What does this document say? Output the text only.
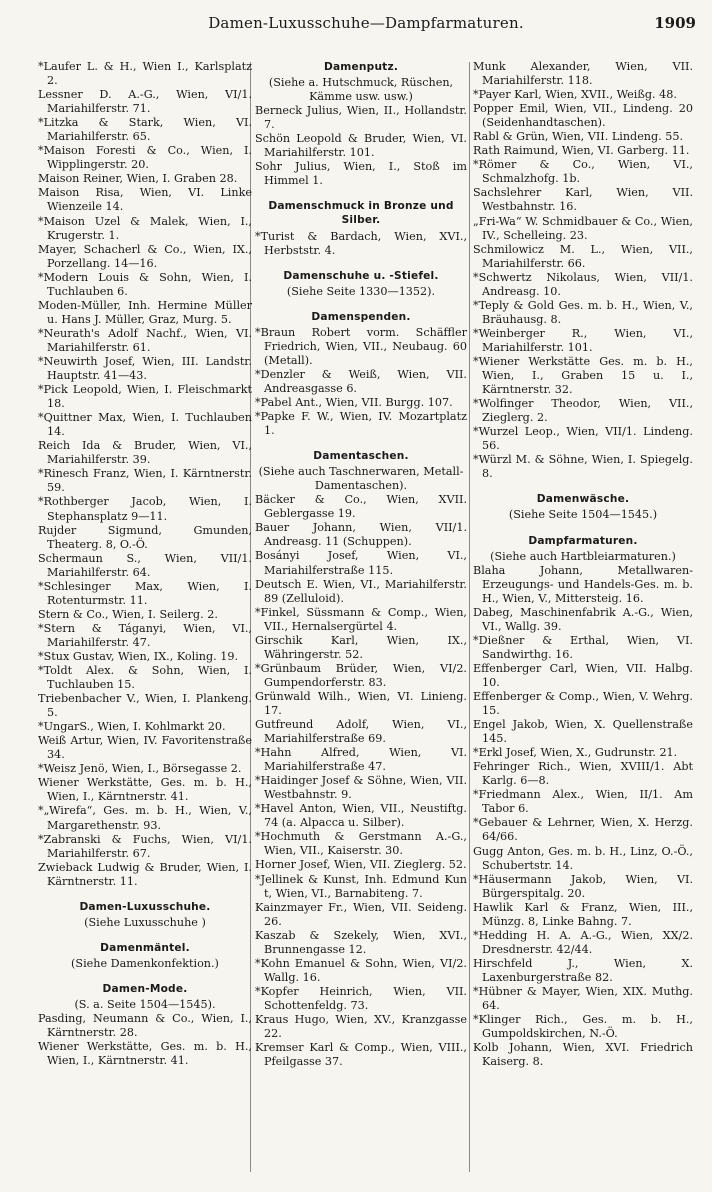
Damen-Luxusschuhe—Dampfarmaturen.	1909

*Laufer L. & H., Wien I., Karlsplatz 2.

Lessner D. A.-G., Wien, VI/1. Mariahilferstr. 71.

*Litzka & Stark, Wien, VI. Mariahilferstr. 65.

*Maison Foresti & Co., Wien, I. Wipplingerstr. 20.

Maison Reiner, Wien, I. Graben 28.

Maison Risa, Wien, VI. Linke Wienzeile 14.

*Maison Uzel & Malek, Wien, I., Krugerstr. 1.

Mayer, Schacherl & Co., Wien, IX., Porzellang. 14—16.

*Modern Louis & Sohn, Wien, I. Tuchlauben 6.

Moden-Müller, Inh. Hermine Müller u. Hans J. Müller, Graz, Murg. 5.

*Neurath's Adolf Nachf., Wien, VI. Mariahilferstr. 61.

*Neuwirth Josef, Wien, III. Landstr. Hauptstr. 41—43.

*Pick Leopold, Wien, I. Fleischmarkt 18.

*Quittner Max, Wien, I. Tuchlauben 14.

Reich Ida & Bruder, Wien, VI., Mariahilferstr. 39.

*Rinesch Franz, Wien, I. Kärntnerstr. 59.

*Rothberger Jacob, Wien, I. Stephansplatz 9—11.

Rujder Sigmund, Gmunden, Theaterg. 8, O.-Ö.

Schermaun S., Wien, VII/1. Mariahilferstr. 64.

*Schlesinger Max, Wien, I. Rotenturmstr. 11.

Stern & Co., Wien, I. Seilerg. 2.

*Stern & Táganyi, Wien, VI., Mariahilferstr. 47.

*Stux Gustav, Wien, IX., Koling. 19.

*Toldt Alex. & Sohn, Wien, I. Tuchlauben 15.

Triebenbacher V., Wien, I. Plankeng. 5.

*UngarS., Wien, I. Kohlmarkt 20.

Weiß Artur, Wien, IV. Favoritenstraße 34.

*Weisz Jenö, Wien, I., Börsegasse 2.

Wiener Werkstätte, Ges. m. b. H., Wien, I., Kärntnerstr. 41.

*„Wirefa“, Ges. m. b. H., Wien, V., Margarethenstr. 93.

*Zabranski & Fuchs, Wien, VI/1. Mariahilferstr. 67.

Zwieback Ludwig & Bruder, Wien, I. Kärntnerstr. 11.

Damen-Luxusschuhe.

(Siehe Luxusschuhe )

Damenmäntel.

(Siehe Damenkonfektion.)

Damen-Mode.

(S. a. Seite 1504—1545).

Pasding, Neumann & Co., Wien, I., Kärntnerstr. 28.

Wiener Werkstätte, Ges. m. b. H., Wien, I., Kärntnerstr. 41.

Damenputz.

(Siehe a. Hutschmuck, Rüschen, Kämme usw. usw.)

Berneck Julius, Wien, II., Hollandstr. 7.

Schön Leopold & Bruder, Wien, VI. Mariahilferstr. 101.

Sohr Julius, Wien, I., Stoß im Himmel 1.

Damenschmuck in Bronze und Silber.

*Turist & Bardach, Wien, XVI., Herbststr. 4.

Damenschuhe u. -Stiefel.

(Siehe Seite 1330—1352).

Damenspenden.

*Braun Robert vorm. Schäffler Friedrich, Wien, VII., Neubaug. 60 (Metall).

*Denzler & Weiß, Wien, VII. Andreasgasse 6.

*Pabel Ant., Wien, VII. Burgg. 107.

*Papke F. W., Wien, IV. Mozartplatz 1.

Damentaschen.

(Siehe auch Taschnerwaren, Metall-Damentaschen).

Bäcker & Co., Wien, XVII. Geblergasse 19.

Bauer Johann, Wien, VII/1. Andreasg. 11 (Schuppen).

Bosányi Josef, Wien, VI., Mariahilferstraße 115.

Deutsch E. Wien, VI., Mariahilferstr. 89 (Zelluloid).

*Finkel, Süssmann & Comp., Wien, VII., Hernalsergürtel 4.

Girschik Karl, Wien, IX., Währingerstr. 52.

*Grünbaum Brüder, Wien, VI/2. Gumpendorferstr. 83.

Grünwald Wilh., Wien, VI. Linieng. 17.

Gutfreund Adolf, Wien, VI., Mariahilferstraße 69.

*Hahn Alfred, Wien, VI. Mariahilferstraße 47.

*Haidinger Josef & Söhne, Wien, VII. Westbahnstr. 9.

*Havel Anton, Wien, VII., Neustiftg. 74 (a. Alpacca u. Silber).

*Hochmuth & Gerstmann A.-G., Wien, VII., Kaiserstr. 30.

Horner Josef, Wien, VII. Zieglerg. 52.

*Jellinek & Kunst, Inh. Edmund Kun t, Wien, VI., Barnabiteng. 7.

Kainzmayer Fr., Wien, VII. Seideng. 26.

Kaszab & Szekely, Wien, XVI., Brunnengasse 12.

*Kohn Emanuel & Sohn, Wien, VI/2. Wallg. 16.

*Kopfer Heinrich, Wien, VII. Schottenfeldg. 73.

Kraus Hugo, Wien, XV., Kranzgasse 22.

Kremser Karl & Comp., Wien, VIII., Pfeilgasse 37.

Munk Alexander, Wien, VII. Mariahilferstr. 118.

*Payer Karl, Wien, XVII., Weißg. 48.

Popper Emil, Wien, VII., Lindeng. 20 (Seidenhandtaschen).

Rabl & Grün, Wien, VII. Lindeng. 55.

Rath Raimund, Wien, VI. Garberg. 11.

*Römer & Co., Wien, VI., Schmalzhofg. 1b.

Sachslehrer Karl, Wien, VII. Westbahnstr. 16.

„Fri-Wa“ W. Schmidbauer & Co., Wien, IV., Schelleing. 23.

Schmilowicz M. L., Wien, VII., Mariahilferstr. 66.

*Schwertz Nikolaus, Wien, VII/1. Andreasg. 10.

*Teply & Gold Ges. m. b. H., Wien, V., Bräuhausg. 8.

*Weinberger R., Wien, VI., Mariahilferstr. 101.

*Wiener Werkstätte Ges. m. b. H., Wien, I., Graben 15 u. I., Kärntnerstr. 32.

*Wolfinger Theodor, Wien, VII., Zieglerg. 2.

*Wurzel Leop., Wien, VII/1. Lindeng. 56.

*Würzl M. & Söhne, Wien, I. Spiegelg. 8.

Damenwäsche.

(Siehe Seite 1504—1545.)

Dampfarmaturen.

(Siehe auch Hartbleiarmaturen.)

Blaha Johann, Metallwaren-Erzeugungs- und Handels-Ges. m. b. H., Wien, V., Mittersteig. 16.

Dabeg, Maschinenfabrik A.-G., Wien, VI., Wallg. 39.

*Dießner & Erthal, Wien, VI. Sandwirthg. 16.

Effenberger Carl, Wien, VII. Halbg. 10.

Effenberger & Comp., Wien, V. Wehrg. 15.

Engel Jakob, Wien, X. Quellenstraße 145.

*Erkl Josef, Wien, X., Gudrunstr. 21.

Fehringer Rich., Wien, XVIII/1. Abt Karlg. 6—8.

*Friedmann Alex., Wien, II/1. Am Tabor 6.

*Gebauer & Lehrner, Wien, X. Herzg. 64/66.

Gugg Anton, Ges. m. b. H., Linz, O.-Ö., Schubertstr. 14.

*Häusermann Jakob, Wien, VI. Bürgerspitalg. 20.

Hawlik Karl & Franz, Wien, III., Münzg. 8, Linke Bahng. 7.

*Hedding H. A. A.-G., Wien, XX/2. Dresdnerstr. 42/44.

Hirschfeld J., Wien, X. Laxenburgerstraße 82.

*Hübner & Mayer, Wien, XIX. Muthg. 64.

*Klinger Rich., Ges. m. b. H., Gumpoldskirchen, N.-Ö.

Kolb Johann, Wien, XVI. Friedrich Kaiserg. 8.
